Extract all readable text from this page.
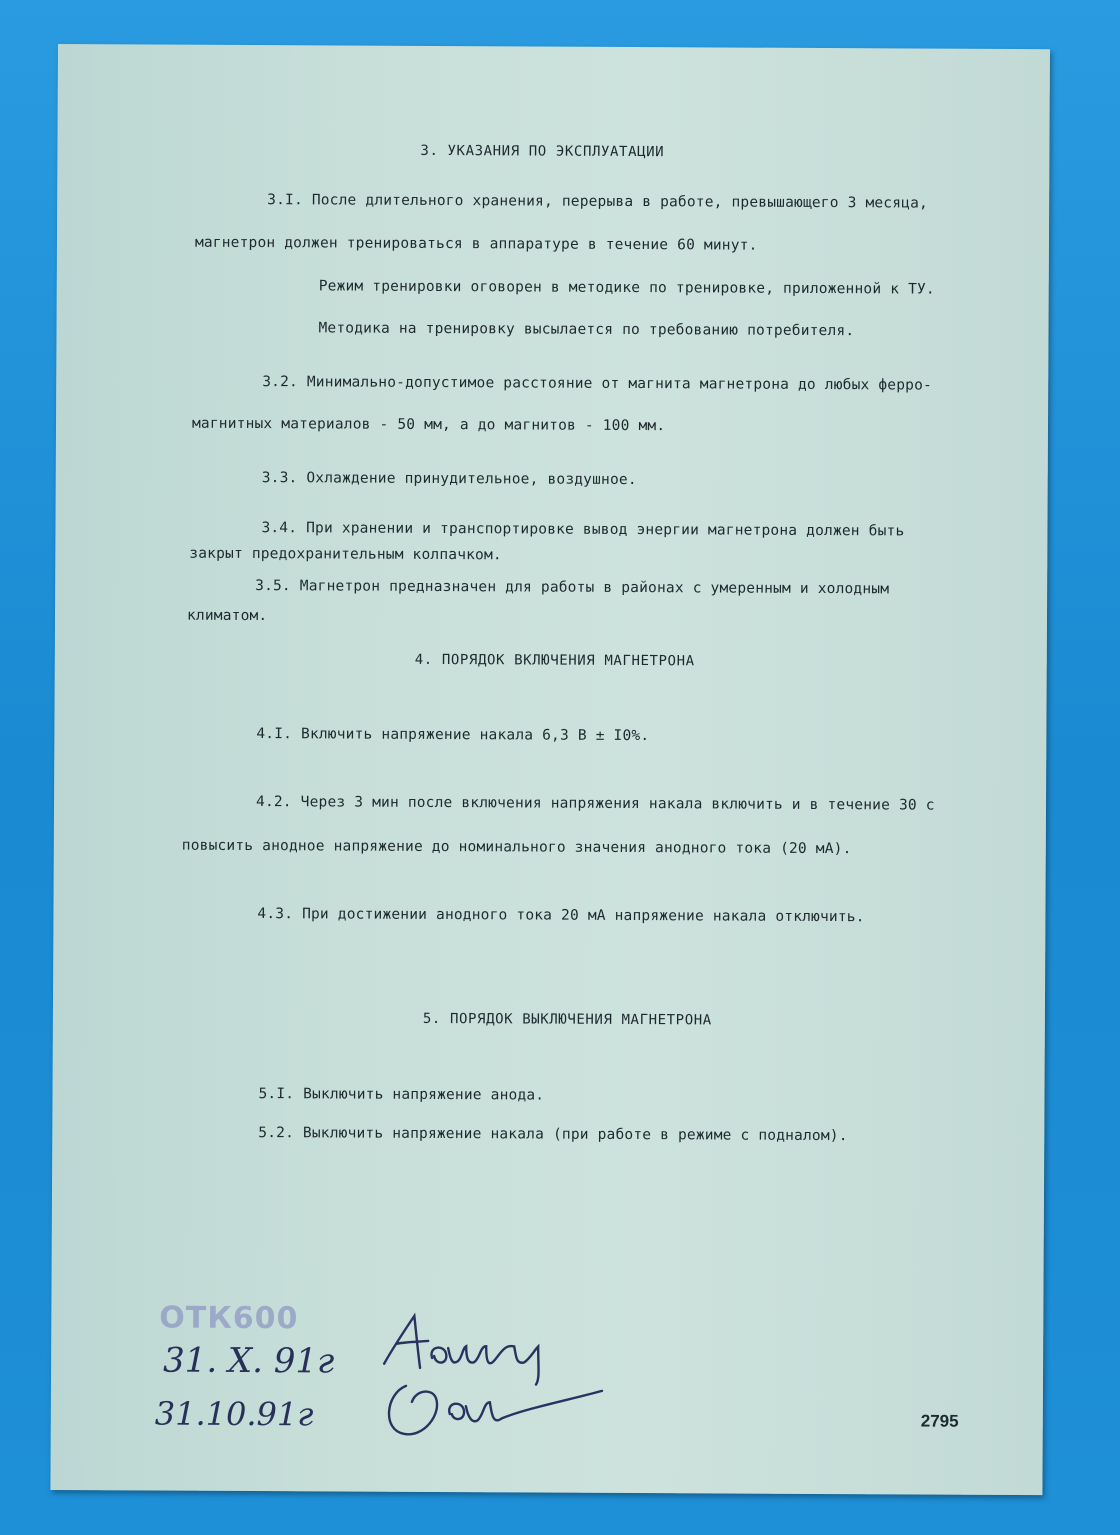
3. УКАЗАНИЯ ПО ЭКСПЛУАТАЦИИ
3.I. После длительного хранения, перерыва в работе, превышающего 3 месяца,
магнетрон должен тренироваться в аппаратуре в течение 60 минут.
Режим тренировки оговорен в методике по тренировке, приложенной к ТУ.
Методика на тренировку высылается по требованию потребителя.
3.2. Минимально-допустимое расстояние от магнита магнетрона до любых ферро-
магнитных материалов - 50 мм, а до магнитов - 100 мм.
3.3. Охлаждение принудительное, воздушное.
3.4. При хранении и транспортировке вывод энергии магнетрона должен быть
закрыт предохранительным колпачком.
3.5. Магнетрон предназначен для работы в районах с умеренным и холодным
климатом.
4. ПОРЯДОК ВКЛЮЧЕНИЯ МАГНЕТРОНА
4.I. Включить напряжение накала 6,3 В ± I0%.
4.2. Через 3 мин после включения напряжения накала включить и в течение 30 с
повысить анодное напряжение до номинального значения анодного тока (20 мА).
4.3. При достижении анодного тока 20 мА напряжение накала отключить.
5. ПОРЯДОК ВЫКЛЮЧЕНИЯ МАГНЕТРОНА
5.I. Выключить напряжение анода.
5.2. Выключить напряжение накала (при работе в режиме с подналом).
ОТК600
31. X. 91г
31.10.91г	2795
